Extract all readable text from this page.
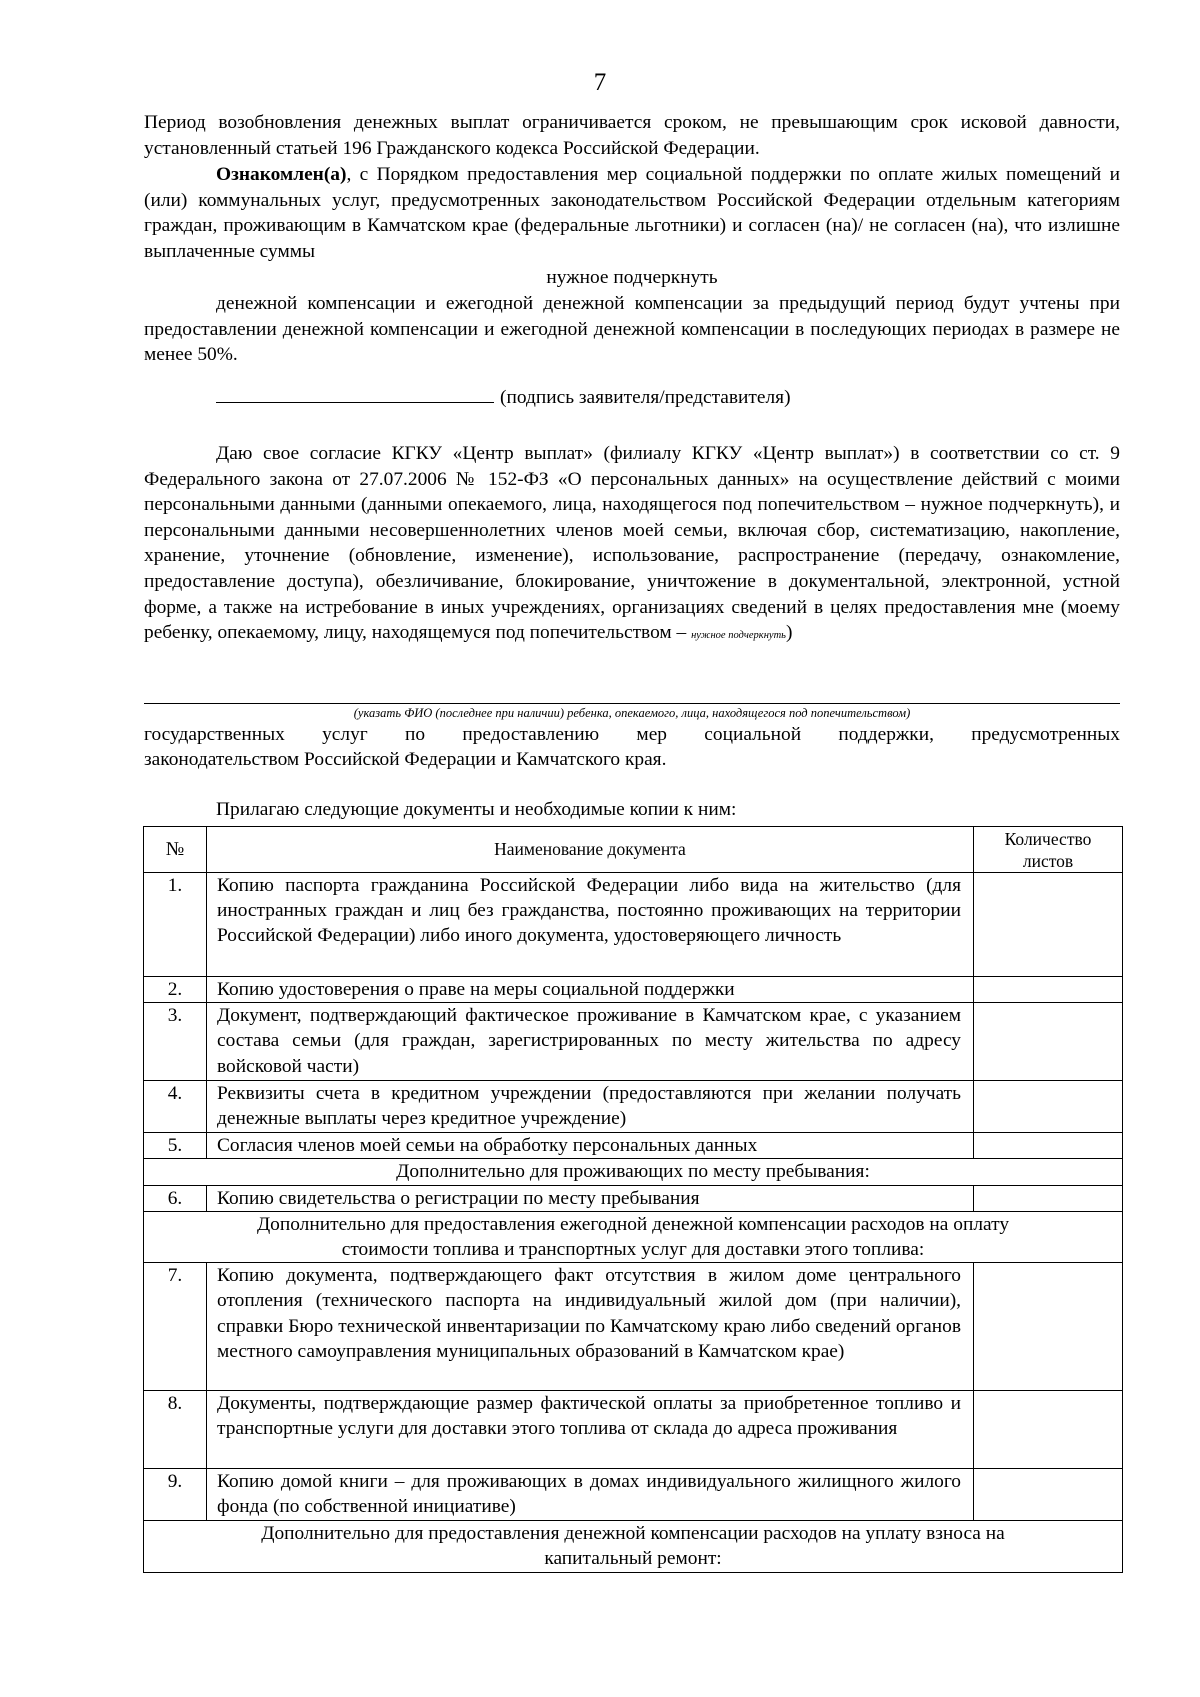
7
Период возобновления денежных выплат ограничивается сроком, не превышающим срок исковой давности, установленный статьей 196 Гражданского кодекса Российской Федерации.
Ознакомлен(а), с Порядком предоставления мер социальной поддержки по оплате жилых помещений и (или) коммунальных услуг, предусмотренных законодательством Российской Федерации отдельным категориям граждан, проживающим в Камчатском крае (федеральные льготники) и согласен (на)/ не согласен (на), что излишне выплаченные суммы
нужное подчеркнуть
денежной компенсации и ежегодной денежной компенсации за предыдущий период будут учтены при предоставлении денежной компенсации и ежегодной денежной компенсации в последующих периодах в размере не менее 50%.
(подпись заявителя/представителя)
Даю свое согласие КГКУ «Центр выплат» (филиалу КГКУ «Центр выплат») в соответствии со ст. 9 Федерального закона от 27.07.2006 № 152-ФЗ «О персональных данных» на осуществление действий с моими персональными данными (данными опекаемого, лица, находящегося под попечительством – нужное подчеркнуть), и персональными данными несовершеннолетних членов моей семьи, включая сбор, систематизацию, накопление, хранение, уточнение (обновление, изменение), использование, распространение (передачу, ознакомление, предоставление доступа), обезличивание, блокирование, уничтожение в документальной, электронной, устной форме, а также на истребование в иных учреждениях, организациях сведений в целях предоставления мне (моему ребенку, опекаемому, лицу, находящемуся под попечительством – нужное подчеркнуть)
(указать ФИО (последнее при наличии) ребенка, опекаемого, лица, находящегося под попечительством)
государственных услуг по предоставлению мер социальной поддержки, предусмотренных
законодательством Российской Федерации и Камчатского края.
Прилагаю следующие документы и необходимые копии к ним:
№	Наименование документа	Количество
листов
1.	Копию паспорта гражданина Российской Федерации либо вида на жительство (для иностранных граждан и лиц без гражданства, постоянно проживающих на территории Российской Федерации) либо иного документа, удостоверяющего личность	
2.	Копию удостоверения о праве на меры социальной поддержки	
3.	Документ, подтверждающий фактическое проживание в Камчатском крае, с указанием состава семьи (для граждан, зарегистрированных по месту жительства по адресу войсковой части)	
4.	Реквизиты счета в кредитном учреждении (предоставляются при желании получать денежные выплаты через кредитное учреждение)	
5.	Согласия членов моей семьи на обработку персональных данных	
Дополнительно для проживающих по месту пребывания:		
6.	Копию свидетельства о регистрации по месту пребывания	
Дополнительно для предоставления ежегодной денежной компенсации расходов на оплату
стоимости топлива и транспортных услуг для доставки этого топлива:		
7.	Копию документа, подтверждающего факт отсутствия в жилом доме центрального отопления (технического паспорта на индивидуальный жилой дом (при наличии), справки Бюро технической инвентаризации по Камчатскому краю либо сведений органов местного самоуправления муниципальных образований в Камчатском крае)	
8.	Документы, подтверждающие размер фактической оплаты за приобретенное топливо и транспортные услуги для доставки этого топлива от склада до адреса проживания	
9.	Копию домой книги – для проживающих в домах индивидуального жилищного жилого фонда (по собственной инициативе)	
Дополнительно для предоставления денежной компенсации расходов на уплату взноса на
капитальный ремонт:		
